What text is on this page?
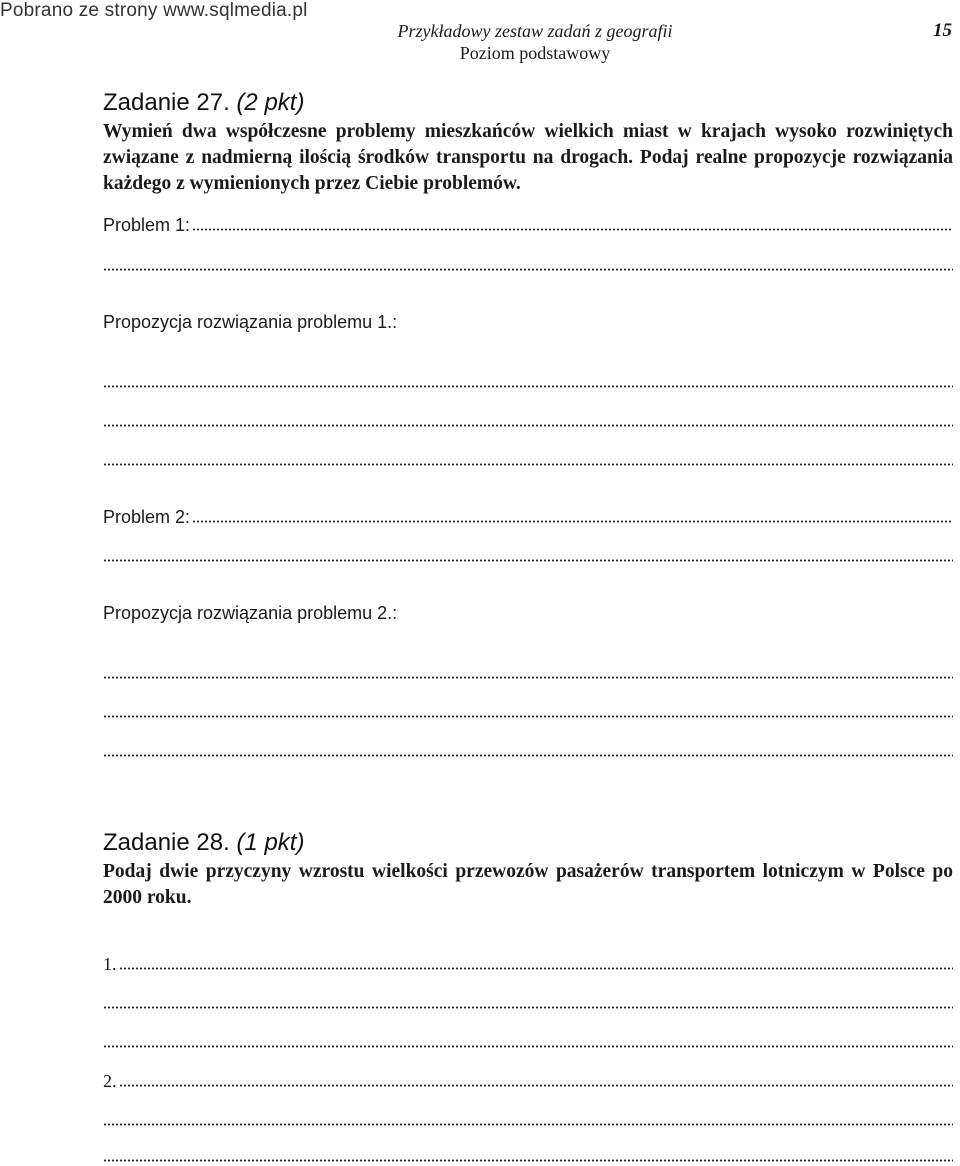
Pobrano ze strony www.sqlmedia.pl
Przykładowy zestaw zadań z geografii
Poziom podstawowy
15
Zadanie 27. (2 pkt)
Wymień dwa współczesne problemy mieszkańców wielkich miast w krajach wysoko rozwiniętych związane z nadmierną ilością środków transportu na drogach. Podaj realne propozycje rozwiązania każdego z wymienionych przez Ciebie problemów.
Problem 1:
Propozycja rozwiązania problemu 1.:
Problem 2:
Propozycja rozwiązania problemu 2.:
Zadanie 28. (1 pkt)
Podaj dwie przyczyny wzrostu wielkości przewozów pasażerów transportem lotniczym w Polsce po 2000 roku.
1.
2.
